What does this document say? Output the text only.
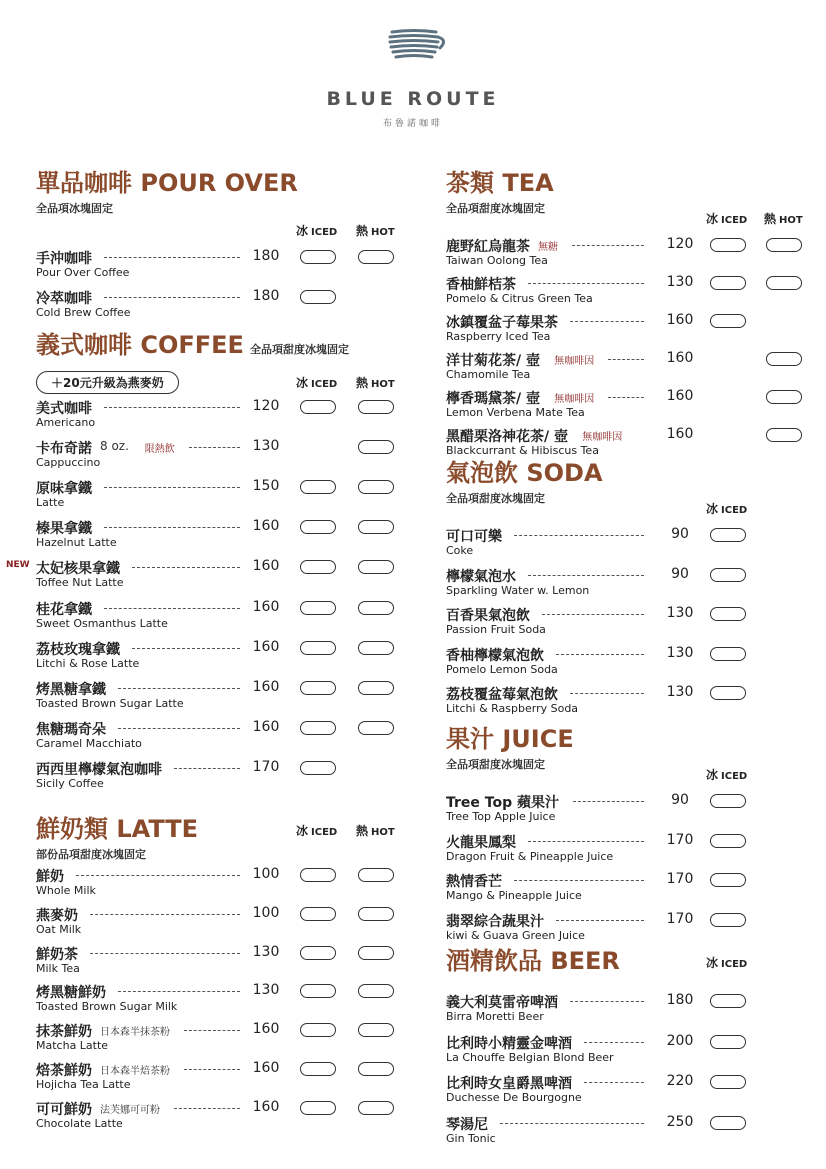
BLUE ROUTE
布魯諾咖啡
單品咖啡 POUR OVER
全品項冰塊固定
冰 ICED 熱 HOT
手沖咖啡
Pour Over Coffee
180
冷萃咖啡
Cold Brew Coffee
180
義式咖啡 COFFEE 全品項甜度冰塊固定
＋20元升級為燕麥奶	冰 ICED 熱 HOT
美式咖啡
Americano
120
卡布奇諾 8 oz. 限熱飲
Cappuccino
130
原味拿鐵
Latte
150
榛果拿鐵
Hazelnut Latte
160
NEW 太妃核果拿鐵
Toffee Nut Latte
160
桂花拿鐵
Sweet Osmanthus Latte
160
荔枝玫瑰拿鐵
Litchi & Rose Latte
160
烤黑糖拿鐵
Toasted Brown Sugar Latte
160
焦糖瑪奇朵
Caramel Macchiato
160
西西里檸檬氣泡咖啡
Sicily Coffee
170
鮮奶類 LATTE
部份品項甜度冰塊固定
冰 ICED 熱 HOT
鮮奶
Whole Milk
100
燕麥奶
Oat Milk
100
鮮奶茶
Milk Tea
130
烤黑糖鮮奶
Toasted Brown Sugar Milk
130
抹茶鮮奶 日本森半抹茶粉
Matcha Latte
160
焙茶鮮奶 日本森半焙茶粉
Hojicha Tea Latte
160
可可鮮奶 法芙娜可可粉
Chocolate Latte
160
茶類 TEA
全品項甜度冰塊固定
冰 ICED 熱 HOT
鹿野紅烏龍茶 無糖
Taiwan Oolong Tea
120
香柚鮮桔茶
Pomelo & Citrus Green Tea
130
冰鎮覆盆子莓果茶
Raspberry Iced Tea
160
洋甘菊花茶/ 壺 無咖啡因
Chamomile Tea
160
檸香瑪黛茶/ 壺 無咖啡因
Lemon Verbena Mate Tea
160
黑醋栗洛神花茶/ 壺 無咖啡因
Blackcurrant & Hibiscus Tea
160
氣泡飲 SODA
全品項甜度冰塊固定
冰 ICED
可口可樂
Coke
90
檸檬氣泡水
Sparkling Water w. Lemon
90
百香果氣泡飲
Passion Fruit Soda
130
香柚檸檬氣泡飲
Pomelo Lemon Soda
130
荔枝覆盆莓氣泡飲
Litchi & Raspberry Soda
130
果汁 JUICE
全品項甜度冰塊固定
冰 ICED
Tree Top 蘋果汁
Tree Top Apple Juice
90
火龍果鳳梨
Dragon Fruit & Pineapple Juice
170
熱情香芒
Mango & Pineapple Juice
170
翡翠綜合蔬果汁
kiwi & Guava Green Juice
170
酒精飲品 BEER	冰 ICED
義大利莫雷帝啤酒
Birra Moretti Beer
180
比利時小精靈金啤酒
La Chouffe Belgian Blond Beer
200
比利時女皇爵黑啤酒
Duchesse De Bourgogne
220
琴湯尼
Gin Tonic
250
